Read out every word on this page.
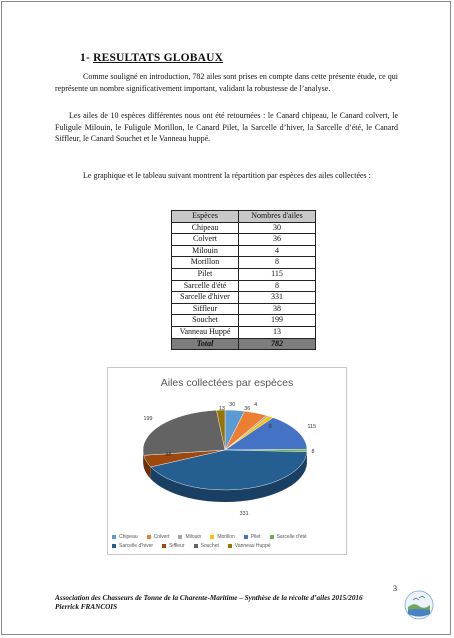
1- RESULTATS GLOBAUX
Comme souligné en introduction, 782 ailes sont prises en compte dans cette présente étude, ce qui représente un nombre significativement important, validant la robustesse de l’analyse.
Les ailes de 10 espèces différentes nous ont été retournées : le Canard chipeau, le Canard colvert, le Fuligule Milouin, le Fuligule Morillon, le Canard Pilet, la Sarcelle d’hiver, la Sarcelle d’été, le Canard Siffleur, le Canard Souchet et le Vanneau huppé.
Le graphique et le tableau suivant montrent la répartition par espèces des ailes collectées :
Espèces	Nombres d'ailes
Chipeau	30
Colvert	36
Milouin	4
Morillon	8
Pilet	115
Sarcelle d'été	8
Sarcelle d'hiver	331
Siffleur	38
Souchet	199
Vanneau Huppé	13
Total	782
Ailes collectées par espèces
30
36
4
8	115
8
331
38
199
13
Chipeau	Colvert	Milouin	Morillon	Pilet	Sarcelle d'étéSarcelle d'hiver	Siffleur	Souchet	Vanneau Huppé
3
Association des Chasseurs de Tonne de la Charente-Maritime – Synthèse de la récolte d’ailes 2015/2016
Pierrick FRANCOIS
